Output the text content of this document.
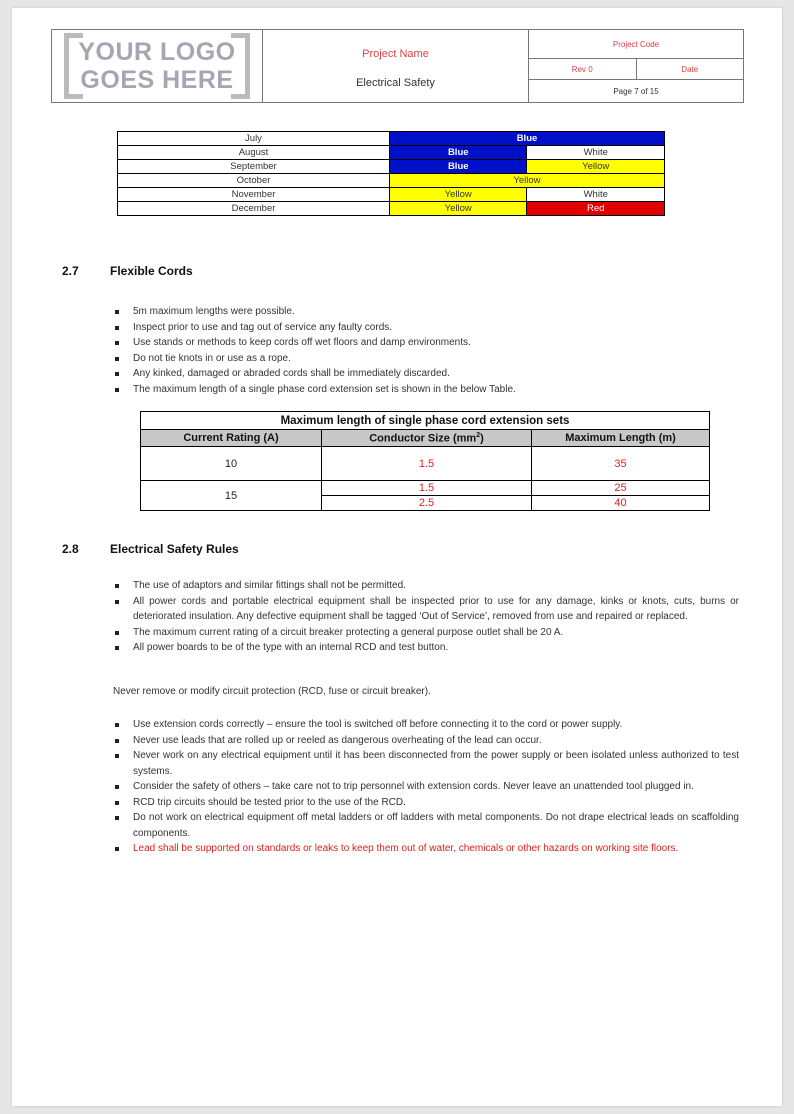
YOUR LOGO
GOES HERE
Project Name
Electrical Safety
Project Code
Rev 0	Date
Page 7 of 15
July	Blue	
August	Blue	White
September	Blue	Yellow
October	Yellow	
November	Yellow	White
December	Yellow	Red
2.7	Flexible Cords
5m maximum lengths were possible.
Inspect prior to use and tag out of service any faulty cords.
Use stands or methods to keep cords off wet floors and damp environments.
Do not tie knots in or use as a rope.
Any kinked, damaged or abraded cords shall be immediately discarded.
The maximum length of a single phase cord extension set is shown in the below Table.
Maximum length of single phase cord extension sets		
Current Rating (A)	Conductor Size $(mm^2)$	Maximum Length (m)
10	1.5	35
15	1.5	25
	2.5	40
2.8	Electrical Safety Rules
The use of adaptors and similar fittings shall not be permitted.
All power cords and portable electrical equipment shall be inspected prior to use for any damage, kinks or knots, cuts, burns or deteriorated insulation. Any defective equipment shall be tagged ‘Out of Service’, removed from use and repaired or replaced.
The maximum current rating of a circuit breaker protecting a general purpose outlet shall be 20 A.
All power boards to be of the type with an internal RCD and test button.
Never remove or modify circuit protection (RCD, fuse or circuit breaker).
Use extension cords correctly – ensure the tool is switched off before connecting it to the cord or power supply.
Never use leads that are rolled up or reeled as dangerous overheating of the lead can occur.
Never work on any electrical equipment until it has been disconnected from the power supply or been isolated unless authorized to test systems.
Consider the safety of others – take care not to trip personnel with extension cords. Never leave an unattended tool plugged in.
RCD trip circuits should be tested prior to the use of the RCD.
Do not work on electrical equipment off metal ladders or off ladders with metal components. Do not drape electrical leads on scaffolding components.
Lead shall be supported on standards or leaks to keep them out of water, chemicals or other hazards on working site floors.
